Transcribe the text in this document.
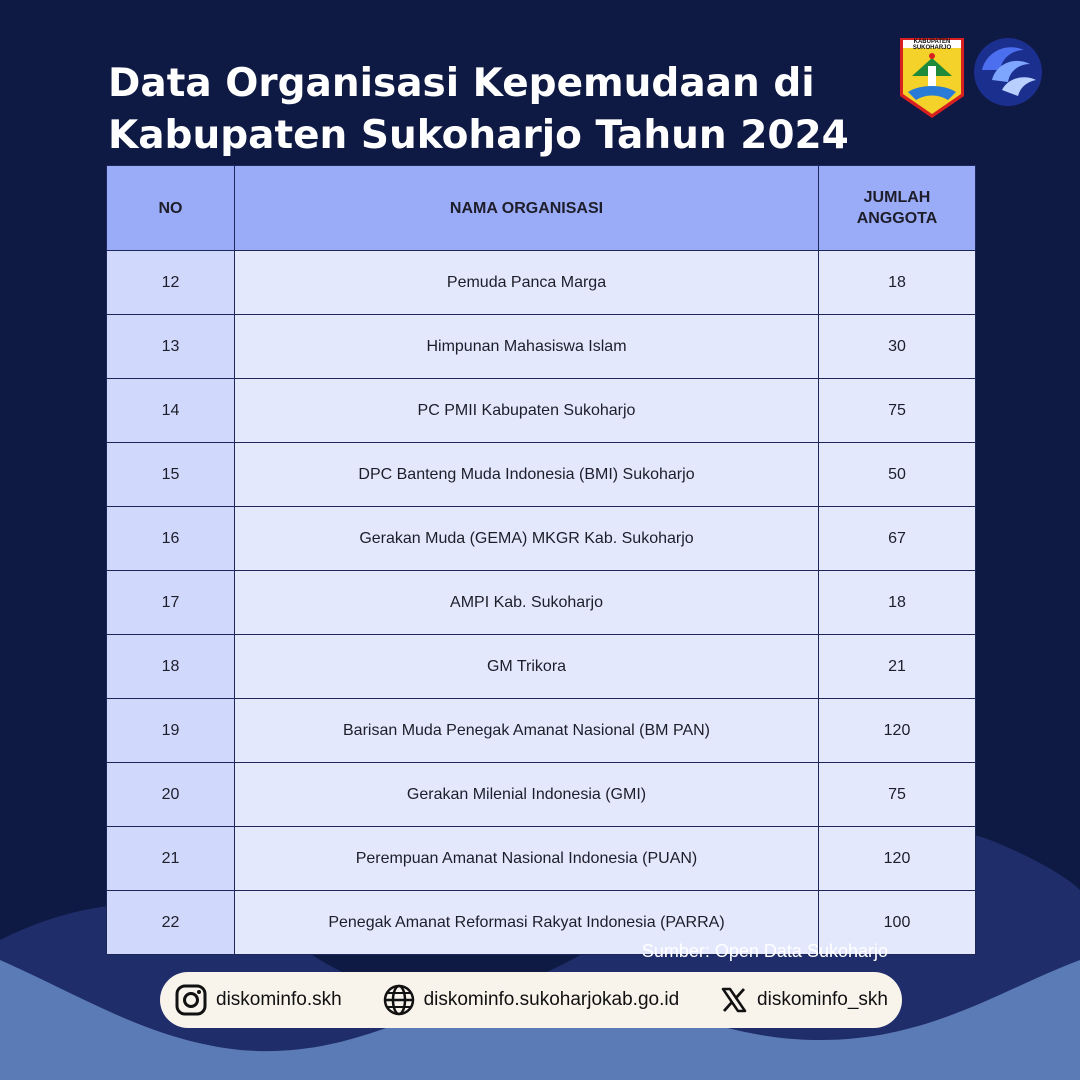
Data Organisasi Kepemudaan di
Kabupaten Sukoharjo Tahun 2024
KABUPATEN SUKOHARJO
NO	NAMA ORGANISASI	JUMLAH
ANGGOTA
12	Pemuda Panca Marga	18
13	Himpunan Mahasiswa Islam	30
14	PC PMII Kabupaten Sukoharjo	75
15	DPC Banteng Muda Indonesia (BMI) Sukoharjo	50
16	Gerakan Muda (GEMA) MKGR Kab. Sukoharjo	67
17	AMPI Kab. Sukoharjo	18
18	GM Trikora	21
19	Barisan Muda Penegak Amanat Nasional (BM PAN)	120
20	Gerakan Milenial Indonesia (GMI)	75
21	Perempuan Amanat Nasional Indonesia (PUAN)	120
22	Penegak Amanat Reformasi Rakyat Indonesia (PARRA)	100
Sumber: Open Data Sukoharjo
diskominfo.skh	diskominfo.sukoharjokab.go.id	diskominfo_skh
